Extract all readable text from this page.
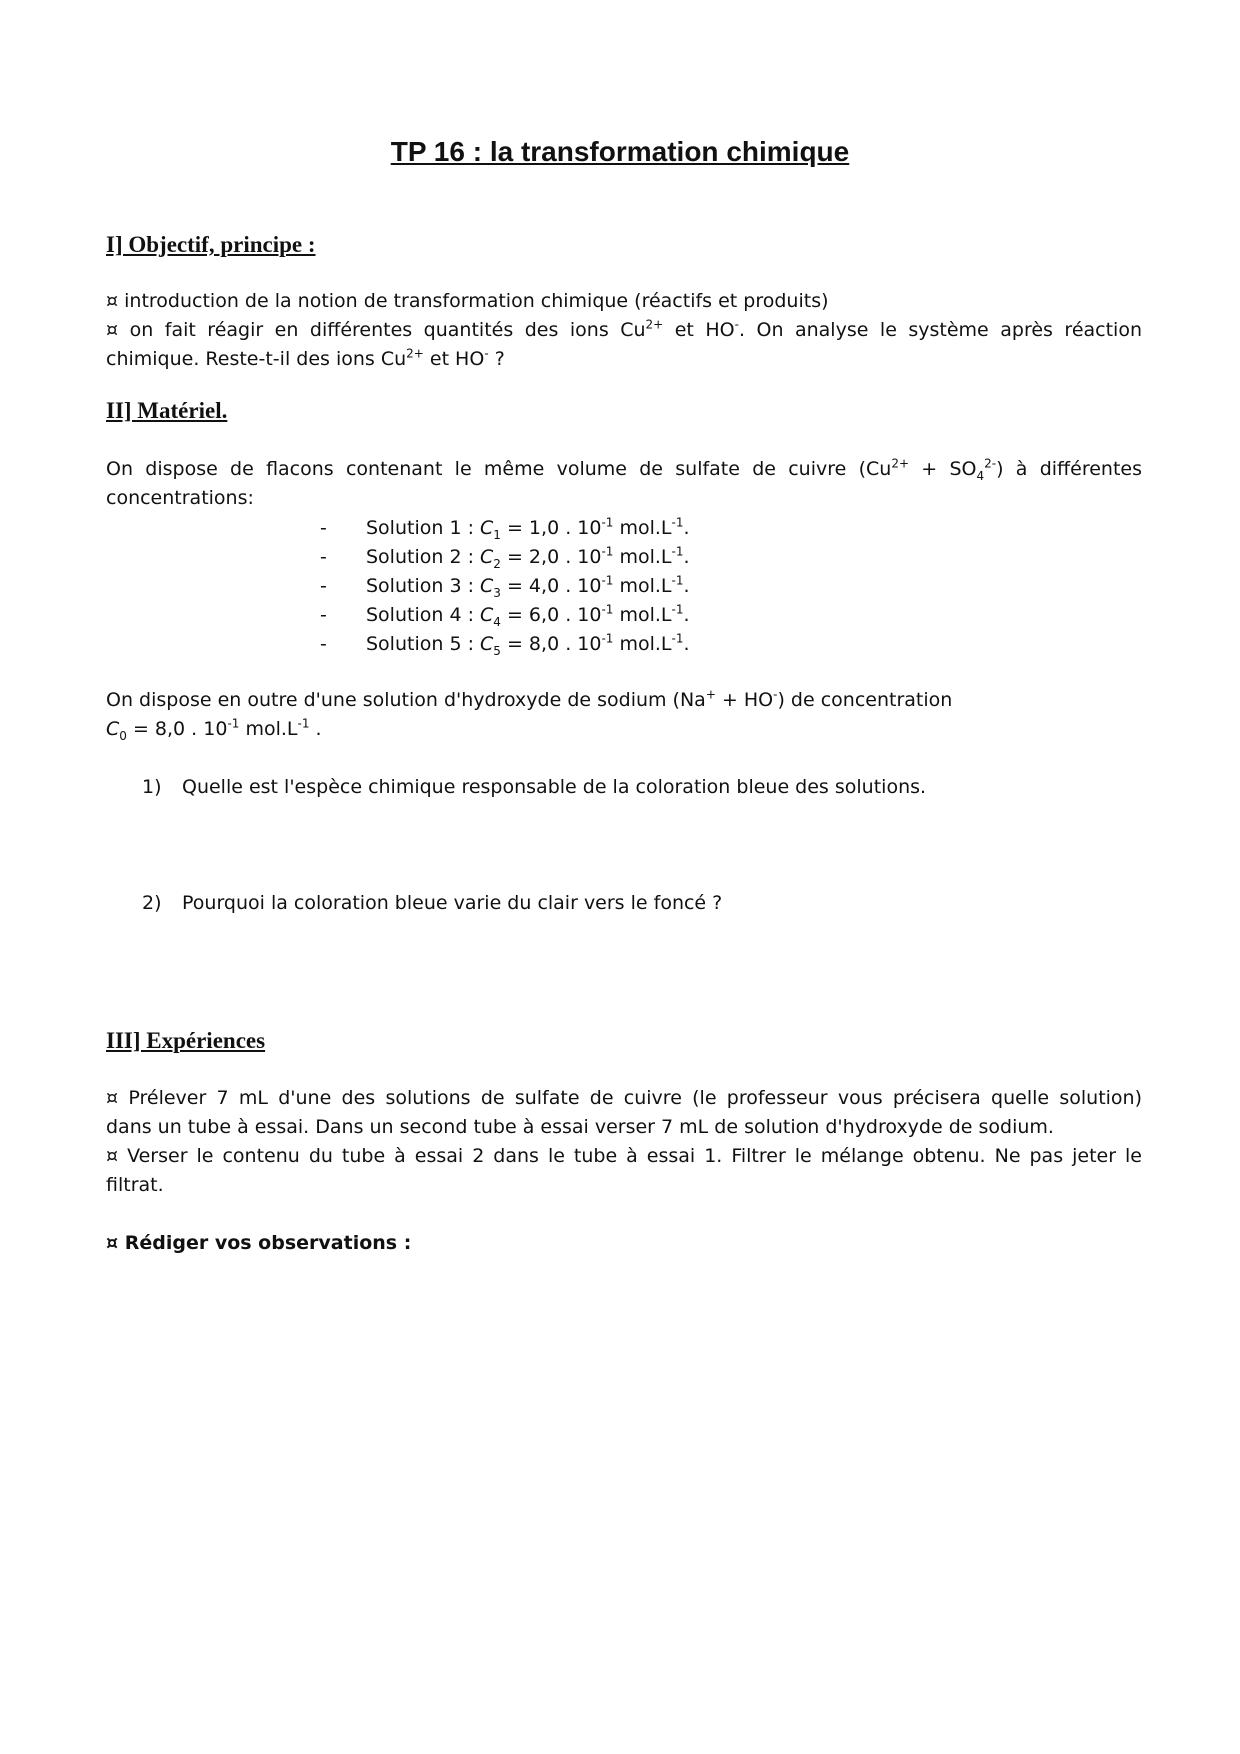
TP 16 : la transformation chimique
I] Objectif, principe :

¤ introduction de la notion de transformation chimique (réactifs et produits)

¤ on fait réagir en différentes quantités des ions $Cu^{2+}$ et HO-. On analyse le système après réaction

chimique. Reste-t-il des ions $Cu^{2+}$ et HO- ?

II] Matériel.

On dispose de flacons contenant le même volume de sulfate de cuivre $(Cu^{2+} + SO_4^{2-})$ à différentes

concentrations:

- Solution 1 : $C_1 = 1,0$ . $10^{-1}$ $mol.L^{-1}$.
- Solution 2 : $C_2 = 2,0$ . $10^{-1}$ $mol.L^{-1}$.
- Solution 3 : $C_3 = 4,0$ . $10^{-1}$ $mol.L^{-1}$.
- Solution 4 : $C_4 = 6,0$ . $10^{-1}$ $mol.L^{-1}$.
- Solution 5 : $C_5 = 8,0$ . $10^{-1}$ $mol.L^{-1}$.

On dispose en outre d'une solution d'hydroxyde de sodium (Na+ + HO-) de concentration

$C_0 = 8,0$ . $10^{-1}$ $mol.L^{-1}$ .

1) Quelle est l'espèce chimique responsable de la coloration bleue des solutions.

2) Pourquoi la coloration bleue varie du clair vers le foncé ?

III] Expériences

¤ Prélever 7 mL d'une des solutions de sulfate de cuivre (le professeur vous précisera quelle solution)

dans un tube à essai. Dans un second tube à essai verser 7 mL de solution d'hydroxyde de sodium.

¤ Verser le contenu du tube à essai 2 dans le tube à essai 1. Filtrer le mélange obtenu. Ne pas jeter le

filtrat.

¤ Rédiger vos observations :
